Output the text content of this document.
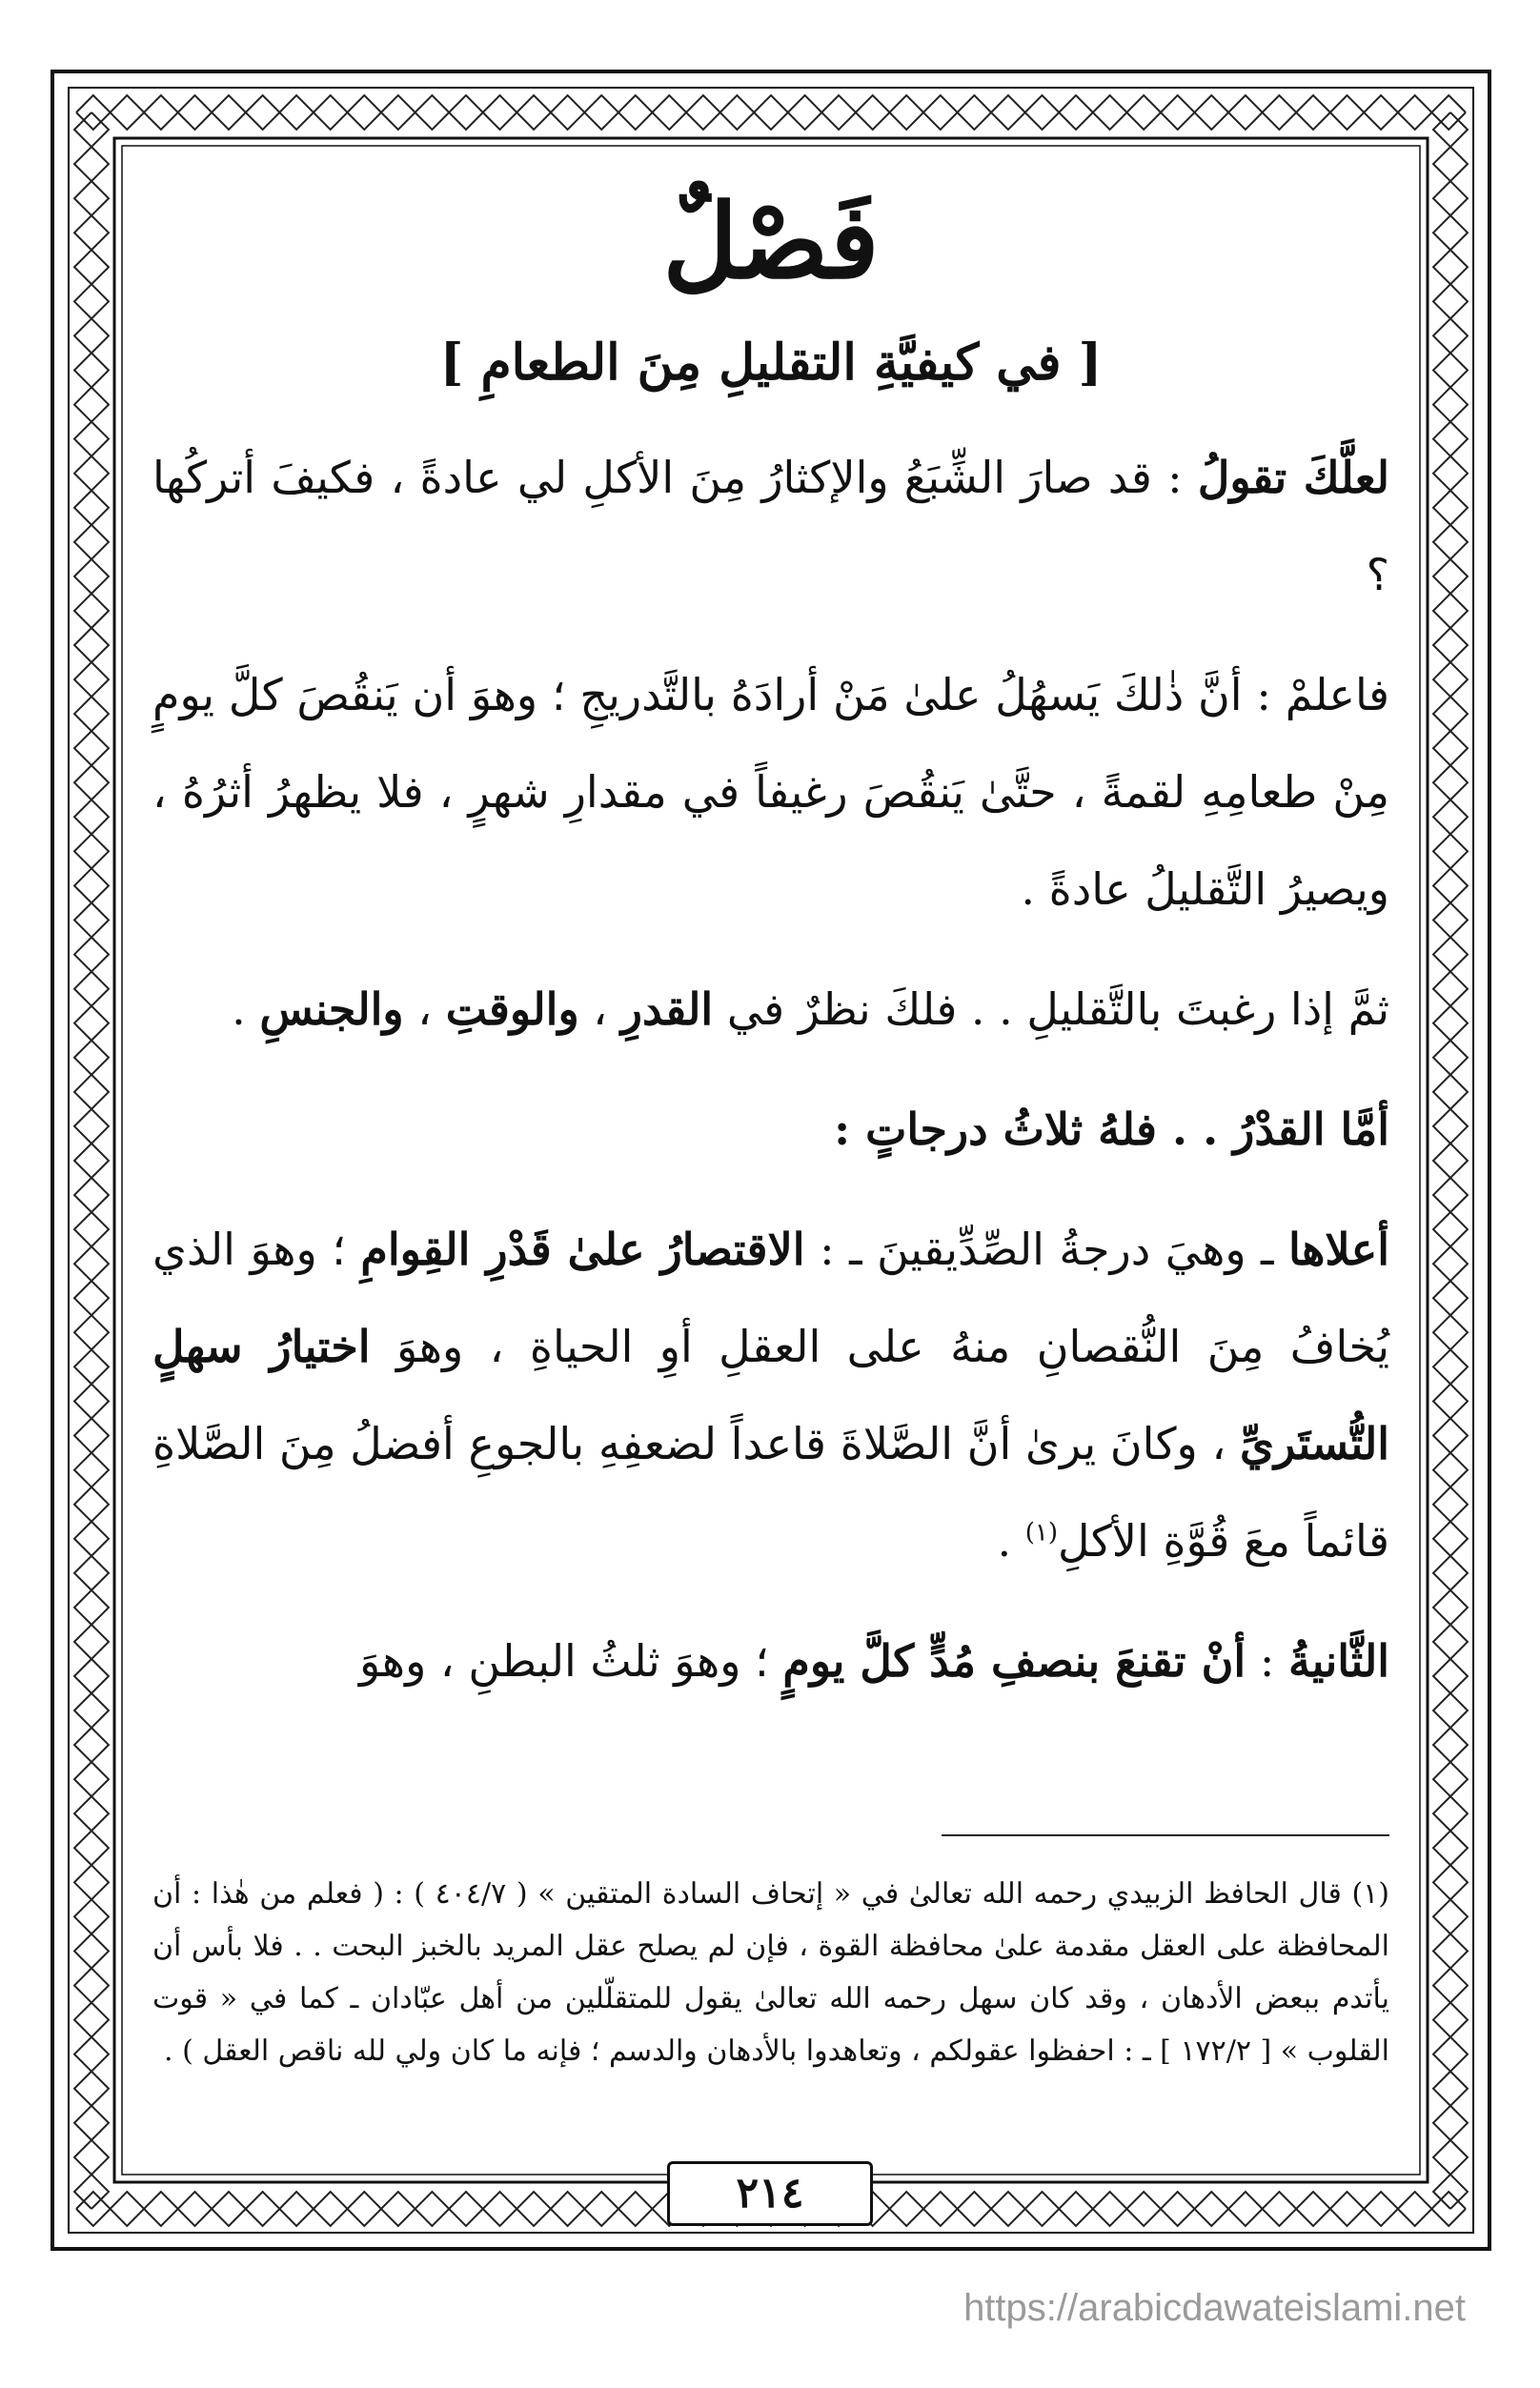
فَصْلٌ
[ في كيفيَّةِ التقليلِ مِنَ الطعامِ ]

لعلَّكَ تقولُ : قد صارَ الشِّبَعُ والإكثارُ مِنَ الأكلِ لي عادةً ، فكيفَ أتركُها ؟

فاعلمْ : أنَّ ذٰلكَ يَسهُلُ علىٰ مَنْ أرادَهُ بالتَّدريجِ ؛ وهوَ أن يَنقُصَ كلَّ يومٍ مِنْ طعامِهِ لقمةً ، حتَّىٰ يَنقُصَ رغيفاً في مقدارِ شهرٍ ، فلا يظهرُ أثرُهُ ، ويصيرُ التَّقليلُ عادةً .

ثمَّ إذا رغبتَ بالتَّقليلِ . . فلكَ نظرٌ في القدرِ ، والوقتِ ، والجنسِ .

أمَّا القدْرُ . . فلهُ ثلاثُ درجاتٍ :

أعلاها ـ وهيَ درجةُ الصِّدِّيقينَ ـ : الاقتصارُ علىٰ قَدْرِ القِوامِ ؛ وهوَ الذي يُخافُ مِنَ النُّقصانِ منهُ على العقلِ أوِ الحياةِ ، وهوَ اختيارُ سهلٍ التُّستَريِّ ، وكانَ يرىٰ أنَّ الصَّلاةَ قاعداً لضعفِهِ بالجوعِ أفضلُ مِنَ الصَّلاةِ قائماً معَ قُوَّةِ الأكلِ$^{(١)}$ .

الثَّانيةُ : أنْ تقنعَ بنصفِ مُدٍّ كلَّ يومٍ ؛ وهوَ ثلثُ البطنِ ، وهوَ

(١) قال الحافظ الزبيدي رحمه الله تعالىٰ في « إتحاف السادة المتقين » ( ٤٠٤/٧ ) : ( فعلم من هٰذا : أن المحافظة على العقل مقدمة علىٰ محافظة القوة ، فإن لم يصلح عقل المريد بالخبز البحت . . فلا بأس أن يأتدم ببعض الأدهان ، وقد كان سهل رحمه الله تعالىٰ يقول للمتقلّلين من أهل عبّادان ـ كما في « قوت القلوب » [ ١٧٢/٢ ] ـ : احفظوا عقولكم ، وتعاهدوا بالأدهان والدسم ؛ فإنه ما كان ولي لله ناقص العقل ) .
٢١٤
https://arabicdawateislami.net
